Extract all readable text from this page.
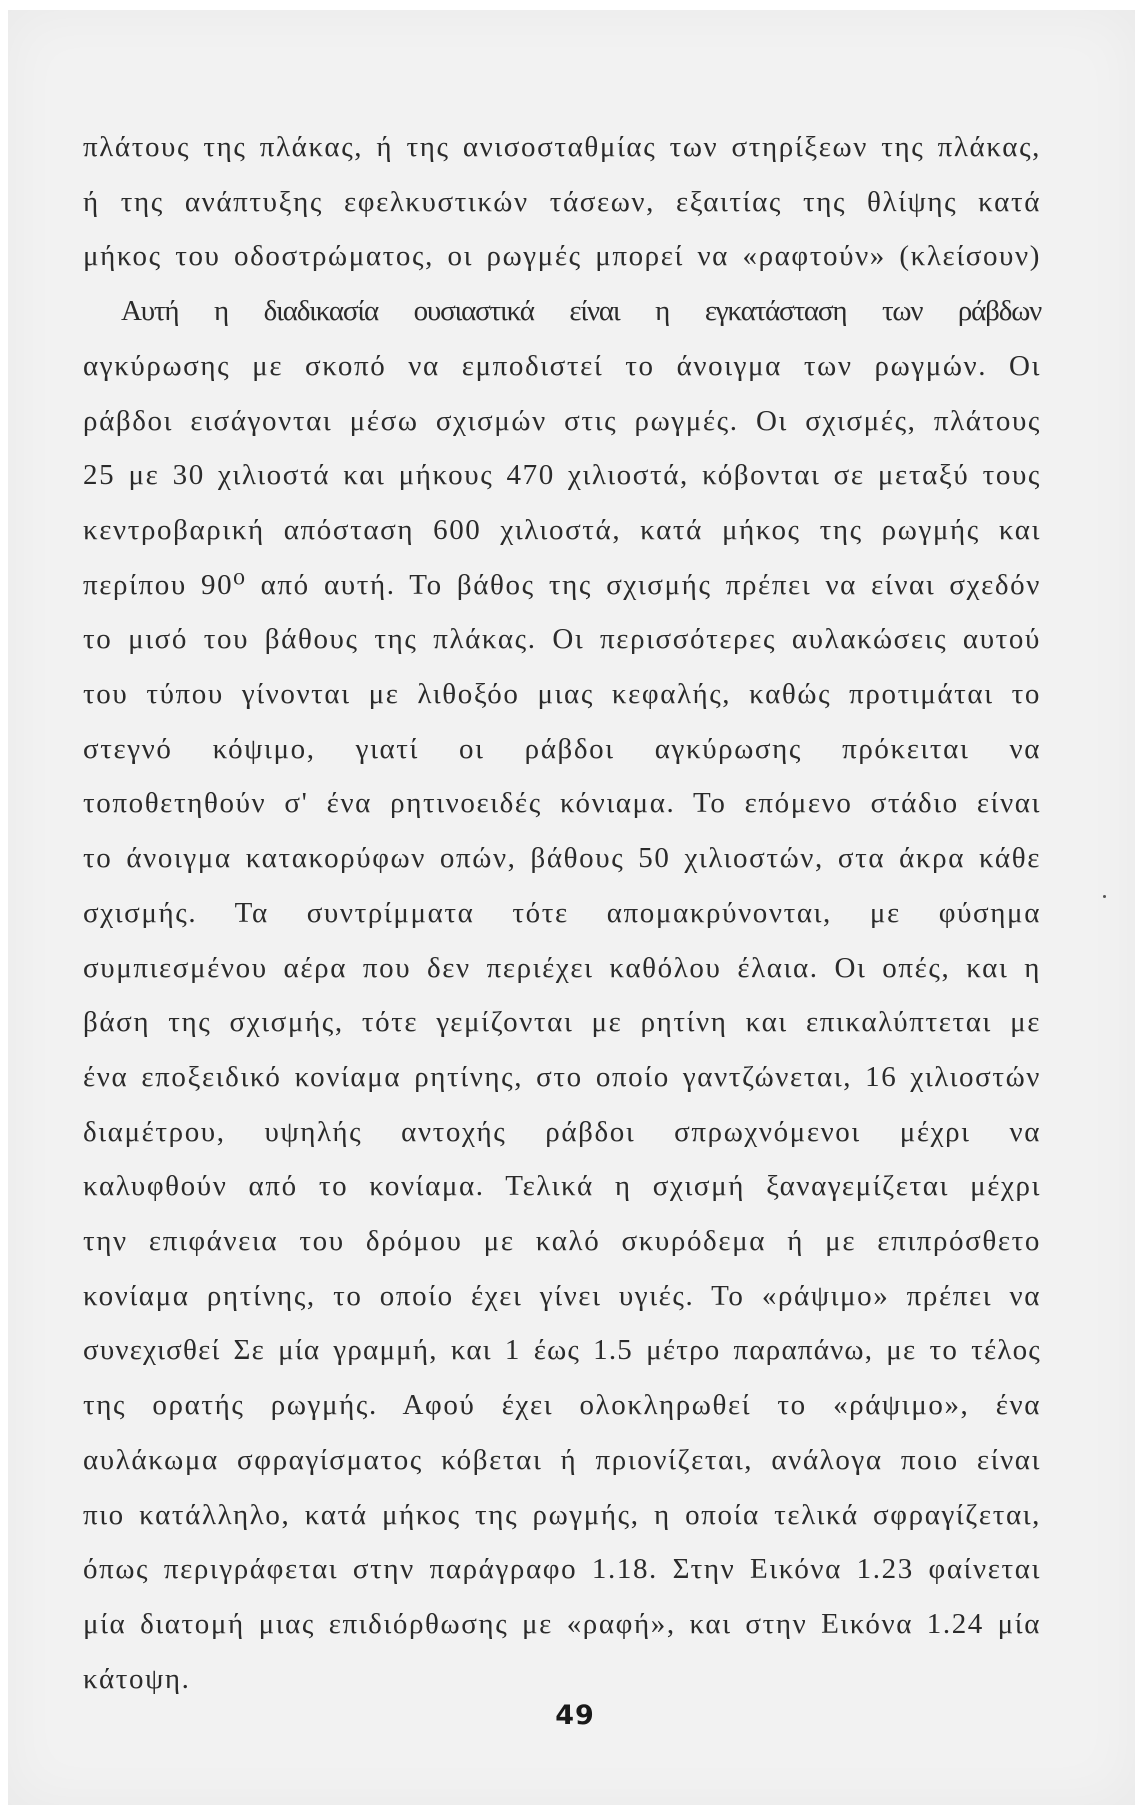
πλάτους της πλάκας, ή της ανισοσταθμίας των στηρίξεων της πλάκας,
ή της ανάπτυξης εφελκυστικών τάσεων, εξαιτίας της θλίψης κατά
μήκος του οδοστρώματος, οι ρωγμές μπορεί να «ραφτούν» (κλείσουν)
Αυτή η διαδικασία ουσιαστικά είναι η εγκατάσταση των ράβδων
αγκύρωσης με σκοπό να εμποδιστεί το άνοιγμα των ρωγμών. Οι
ράβδοι εισάγονται μέσω σχισμών στις ρωγμές. Οι σχισμές, πλάτους
25 με 30 χιλιοστά και μήκους 470 χιλιοστά, κόβονται σε μεταξύ τους
κεντροβαρική απόσταση 600 χιλιοστά, κατά μήκος της ρωγμής και
περίπου 90⁰ από αυτή. Το βάθος της σχισμής πρέπει να είναι σχεδόν
το μισό του βάθους της πλάκας. Οι περισσότερες αυλακώσεις αυτού
του τύπου γίνονται με λιθοξόο μιας κεφαλής, καθώς προτιμάται το
στεγνό κόψιμο, γιατί οι ράβδοι αγκύρωσης πρόκειται να
τοποθετηθούν σ' ένα ρητινοειδές κόνιαμα. Το επόμενο στάδιο είναι
το άνοιγμα κατακορύφων οπών, βάθους 50 χιλιοστών, στα άκρα κάθε
σχισμής. Τα συντρίμματα τότε απομακρύνονται, με φύσημα
συμπιεσμένου αέρα που δεν περιέχει καθόλου έλαια. Οι οπές, και η
βάση της σχισμής, τότε γεμίζονται με ρητίνη και επικαλύπτεται με
ένα εποξειδικό κονίαμα ρητίνης, στο οποίο γαντζώνεται, 16 χιλιοστών
διαμέτρου, υψηλής αντοχής ράβδοι σπρωχνόμενοι μέχρι να
καλυφθούν από το κονίαμα. Τελικά η σχισμή ξαναγεμίζεται μέχρι
την επιφάνεια του δρόμου με καλό σκυρόδεμα ή με επιπρόσθετο
κονίαμα ρητίνης, το οποίο έχει γίνει υγιές. Το «ράψιμο» πρέπει να
συνεχισθεί Σε μία γραμμή, και 1 έως 1.5 μέτρο παραπάνω, με το τέλος
της ορατής ρωγμής. Αφού έχει ολοκληρωθεί το «ράψιμο», ένα
αυλάκωμα σφραγίσματος κόβεται ή πριονίζεται, ανάλογα ποιο είναι
πιο κατάλληλο, κατά μήκος της ρωγμής, η οποία τελικά σφραγίζεται,
όπως περιγράφεται στην παράγραφο 1.18. Στην Εικόνα 1.23 φαίνεται
μία διατομή μιας επιδιόρθωσης με «ραφή», και στην Εικόνα 1.24 μία
κάτοψη.
49
